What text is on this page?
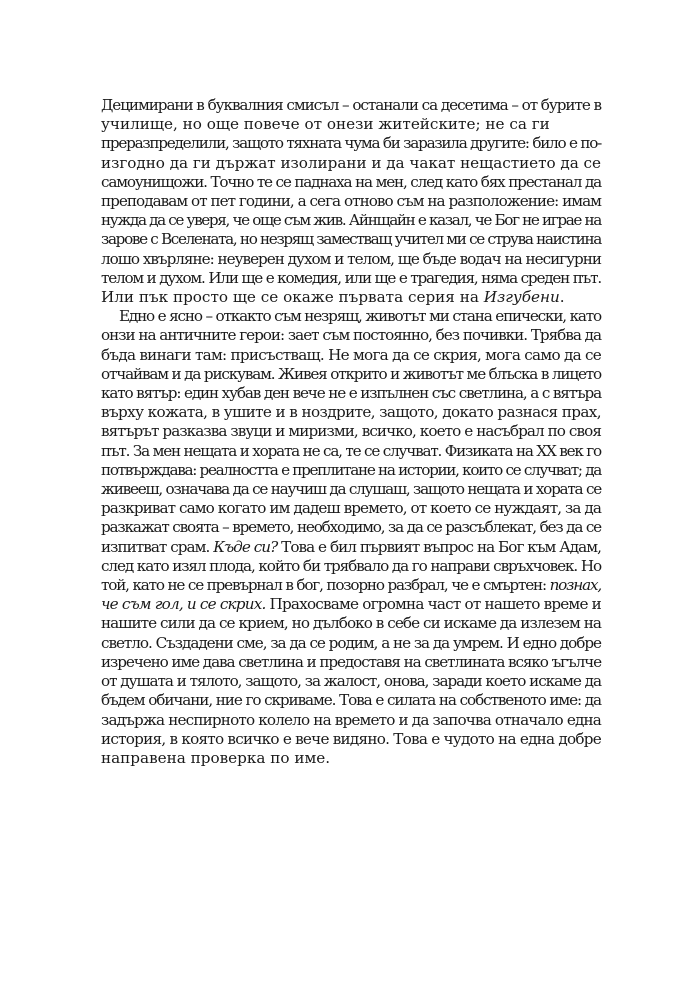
Децимирани в буквалния смисъл – останали са десетима – от бурите в
училище, но още повече от онези житейските; не са ги
преразпределили, защото тяхната чума би заразила другите: било е по-
изгодно да ги държат изолирани и да чакат нещастието да се
самоунищожи. Точно те се паднаха на мен, след като бях престанал да
преподавам от пет години, а сега отново съм на разположение: имам
нужда да се уверя, че още съм жив. Айнщайн е казал, че Бог не играе на
зарове с Вселената, но незрящ заместващ учител ми се струва наистина
лошо хвърляне: неуверен духом и телом, ще бъде водач на несигурни
телом и духом. Или ще е комедия, или ще е трагедия, няма среден път.
Или пък просто ще се окаже първата серия на Изгубени.
Едно е ясно – откакто съм незрящ, животът ми стана епически, като
онзи на античните герои: зает съм постоянно, без почивки. Трябва да
бъда винаги там: присъстващ. Не мога да се скрия, мога само да се
отчайвам и да рискувам. Живея открито и животът ме блъска в лицето
като вятър: един хубав ден вече не е изпълнен със светлина, а с вятъра
върху кожата, в ушите и в ноздрите, защото, докато разнася прах,
вятърът разказва звуци и миризми, всичко, което е насъбрал по своя
път. За мен нещата и хората не са, те се случват. Физиката на XX век го
потвърждава: реалността е преплитане на истории, които се случват; да
живееш, означава да се научиш да слушаш, защото нещата и хората се
разкриват само когато им дадеш времето, от което се нуждаят, за да
разкажат своята – времето, необходимо, за да се разсъблекат, без да се
изпитват срам. Къде си? Това е бил първият въпрос на Бог към Адам,
след като изял плода, който би трябвало да го направи свръхчовек. Но
той, като не се превърнал в бог, позорно разбрал, че е смъртен: познах,
че съм гол, и се скрих. Прахосваме огромна част от нашето време и
нашите сили да се крием, но дълбоко в себе си искаме да излезем на
светло. Създадени сме, за да се родим, а не за да умрем. И едно добре
изречено име дава светлина и предоставя на светлината всяко ъгълче
от душата и тялото, защото, за жалост, онова, заради което искаме да
бъдем обичани, ние го скриваме. Това е силата на собственото име: да
задържа неспирното колело на времето и да започва отначало една
история, в която всичко е вече видяно. Това е чудото на една добре
направена проверка по име.
